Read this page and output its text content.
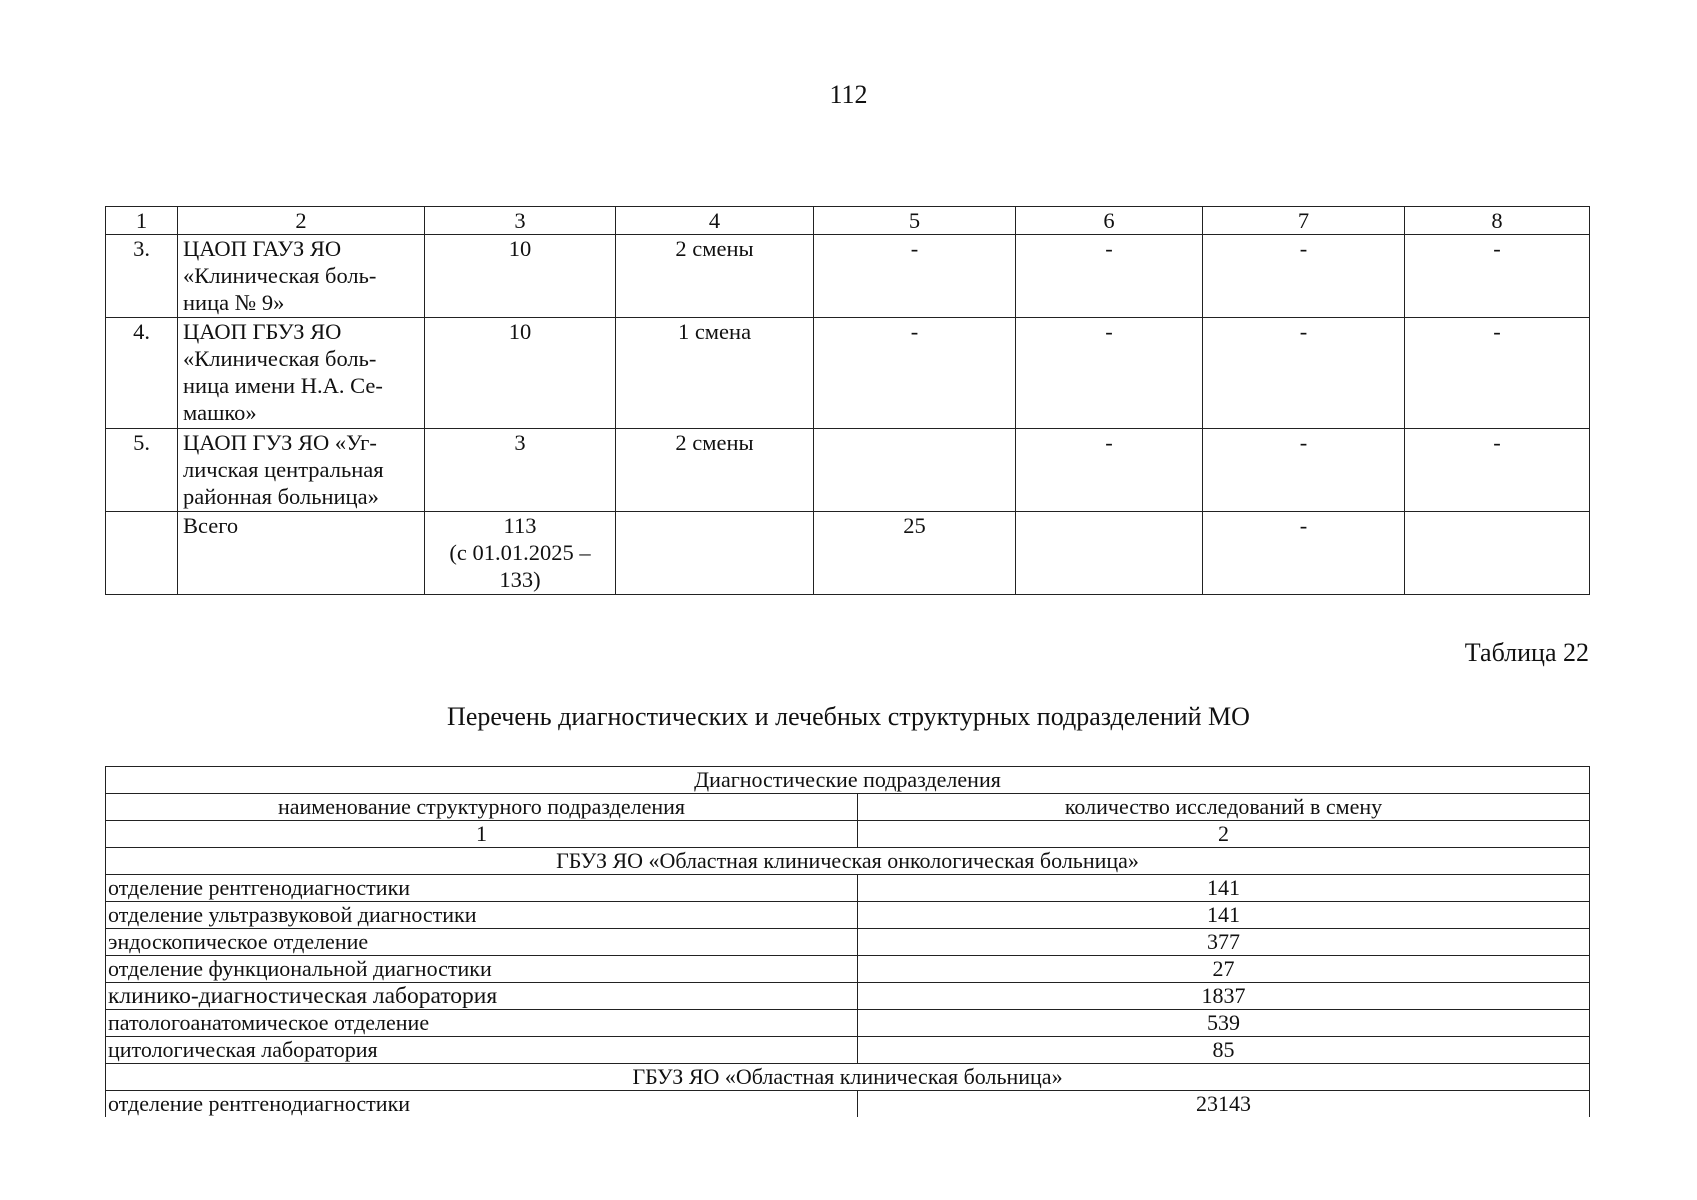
112
1	2	3	4	5	6	7	8
3.	ЦАОП ГАУЗ ЯО
«Клиническая боль-
ница № 9»	10	2 смены	-	-	-	-
4.	ЦАОП ГБУЗ ЯО
«Клиническая боль-
ница имени Н.А. Се-
машко»	10	1 смена	-	-	-	-
5.	ЦАОП ГУЗ ЯО «Уг-
личская центральная
районная больница»	3	2 смены		-	-	-
	Всего	113
(с 01.01.2025 –
133)		25		-	
Таблица 22
Перечень диагностических и лечебных структурных подразделений МО
Диагностические подразделения	
наименование структурного подразделения	количество исследований в смену
1	2
ГБУЗ ЯО «Областная клиническая онкологическая больница»	
отделение рентгенодиагностики	141
отделение ультразвуковой диагностики	141
эндоскопическое отделение	377
отделение функциональной диагностики	27
клинико-диагностическая лаборатория	1837
патологоанатомическое отделение	539
цитологическая лаборатория	85
ГБУЗ ЯО «Областная клиническая больница»	
отделение рентгенодиагностики	23143
